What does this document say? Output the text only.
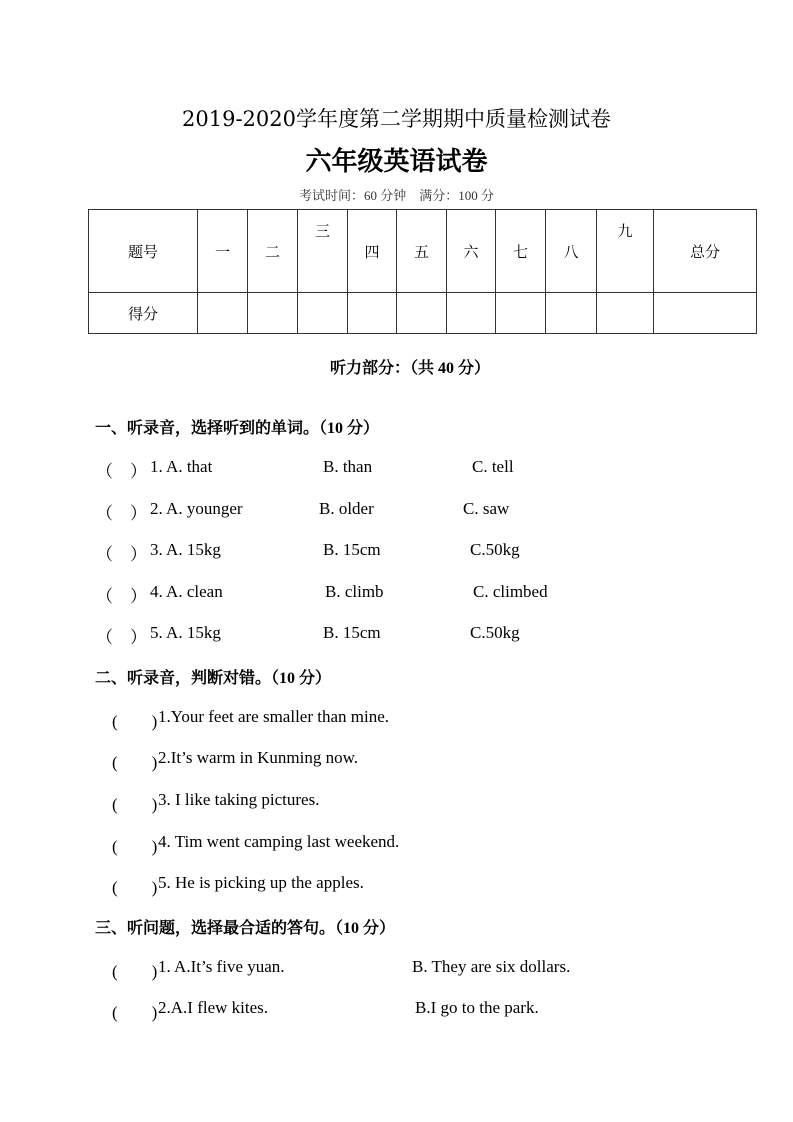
2019-2020学年度第二学期期中质量检测试卷
六年级英语试卷
考试时间：60 分钟　满分：100 分
题号	一	二	三	四	五	六	七	八	九	总分
得分										
听力部分：（共 40 分）
一、听录音，选择听到的单词。（10 分）
（　） 1. A. that	B. than	C. tell
（　） 2. A. younger	B. older	C. saw
（　） 3. A. 15kg	B. 15cm	C.50kg
（　） 4. A. clean	B. climb	C. climbed
（　） 5. A. 15kg	B. 15cm	C.50kg
二、听录音，判断对错。（10 分）
(　　) 1.Your feet are smaller than mine.
(　　) 2.It’s warm in Kunming now.
(　　) 3. I like taking pictures.
(　　) 4. Tim went camping last weekend.
(　　) 5. He is picking up the apples.
三、听问题，选择最合适的答句。（10 分）
(　　) 1. A.It’s five yuan.	B. They are six dollars.
(　　) 2.A.I flew kites.	B.I go to the park.
